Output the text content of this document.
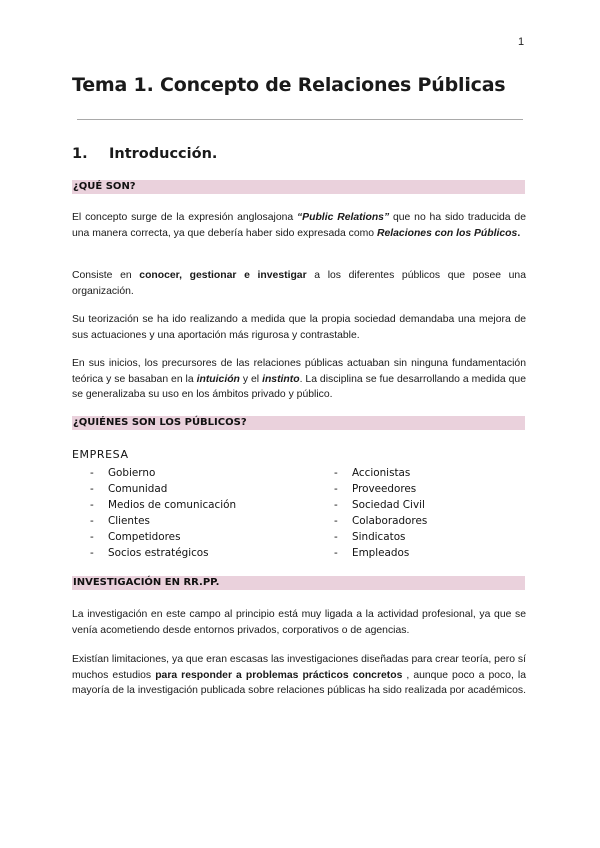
1
Tema 1. Concepto de Relaciones Públicas
1. Introducción.
¿QUÉ SON?

El concepto surge de la expresión anglosajona “Public Relations” que no ha sido traducida de una manera correcta, ya que debería haber sido expresada como Relaciones con los Públicos.

Consiste en conocer, gestionar e investigar a los diferentes públicos que posee una organización.

Su teorización se ha ido realizando a medida que la propia sociedad demandaba una mejora de sus actuaciones y una aportación más rigurosa y contrastable.

En sus inicios, los precursores de las relaciones públicas actuaban sin ninguna fundamentación teórica y se basaban en la intuición y el instinto. La disciplina se fue desarrollando a medida que se generalizaba su uso en los ámbitos privado y público.

¿QUIÉNES SON LOS PÚBLICOS?
EMPRESA
- Gobierno
- Comunidad
- Medios de comunicación
- Clientes
- Competidores
- Socios estratégicos
- Accionistas
- Proveedores
- Sociedad Civil
- Colaboradores
- Sindicatos
- Empleados
INVESTIGACIÓN EN RR.PP.

La investigación en este campo al principio está muy ligada a la actividad profesional, ya que se venía acometiendo desde entornos privados, corporativos o de agencias.

Existían limitaciones, ya que eran escasas las investigaciones diseñadas para crear teoría, pero sí muchos estudios para responder a problemas prácticos concretos , aunque poco a poco, la mayoría de la investigación publicada sobre relaciones públicas ha sido realizada por académicos.
